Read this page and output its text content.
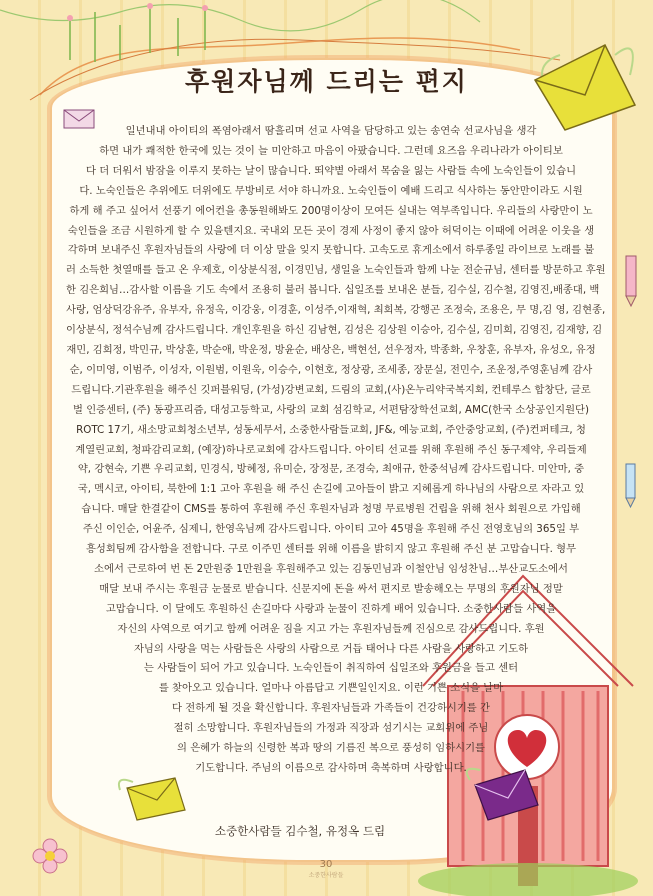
후원자님께 드리는 편지
일년내내 아이티의 폭염아래서 땀흘리며 선교 사역을 담당하고 있는 송연숙 선교사님을 생각
하면 내가 쾌적한 한국에 있는 것이 늘 미안하고 마음이 아팠습니다. 그런데 요즈음 우리나라가 아이티보
다 더 더워서 밤잠을 이루지 못하는 날이 많습니다. 뙤약볕 아래서 목숨을 잃는 사람들 속에 노숙인들이 있습니
다. 노숙인들은 추위에도 더위에도 무방비로 서야 하니까요. 노숙인들이 예배 드리고 식사하는 동안만이라도 시원
하게 해 주고 싶어서 선풍기 에어컨을 총동원해봐도 200명이상이 모여든 실내는 역부족입니다. 우리들의 사랑만이 노
숙인들을 조금 시원하게 할 수 있을텐지요. 국내외 모든 곳이 경제 사정이 좋지 않아 허덕이는 이때에 어려운 이웃을 생
각하며 보내주신 후원자님들의 사랑에 더 이상 말을 잊지 못합니다. 고속도로 휴게소에서 하루종일 라이브로 노래를 불
러 소득한 첫열매를 들고 온 우제호, 이상분식점, 이경민님, 생일을 노숙인들과 함께 나눈 전순규님, 센터를 방문하고 후원
한 김은희님…감사할 이름을 기도 속에서 조용히 불러 봅니다. 십일조를 보내온 분들, 김수실, 김수철, 김영진,배종대, 백
사랑, 엄상덕강유주, 유부자, 유정옥, 이강웅, 이경훈, 이성주,이재혁, 최희복, 강행곤 조정숙, 조용은, 무 명,김 영, 김현종,
이상분식, 정석수님께 감사드립니다. 개인후원을 하신 김남현, 김성은 김상원 이승아, 김수실, 김미희, 김영진, 김재향, 김
재민, 김희정, 박민규, 박상훈, 박순애, 박운정, 방윤순, 배상은, 백현선, 선우정자, 박종화, 우창훈, 유부자, 유성오, 유정
순, 이미영, 이범주, 이성자, 이원범, 이원욱, 이승수, 이현호, 정상광, 조세종, 장문실, 전민수, 조운정,주영훈님께 감사
드립니다.기관후원을 해주신 깃퍼블워딩, (가성)강변교회, 드림의 교회,(사)온누리약국복지회, 컨테루스 합창단, 글로
벌 인증센터, (주) 동광프리즘, 대성고등학교, 사랑의 교회 섬김학교, 서편탐장학선교회, AMC(한국 소상공인지원단)
ROTC 17기, 새소망교회청소년부, 성동세무서, 소중한사람들교회, JF&, 예능교회, 주안중앙교회, (주)컨퍼테크, 청
계열린교회, 청파감리교회, (예장)하나로교회에 감사드립니다. 아이티 선교를 위해 후원해 주신 동구제약, 우리들제
약, 강현숙, 기쁜 우리교회, 민경식, 방혜정, 유미순, 장정문, 조경숙, 최애규, 한중석님께 감사드립니다. 미안마, 중
국, 멕시코, 아이티, 북한에 1:1 고아 후원을 해 주신 손길에 고아들이 밝고 지혜롭게 하나님의 사람으로 자라고 있
습니다. 매달 한결같이 CMS를 통하여 후원해 주신 후원자님과 청명 무료병원 건립을 위해 천사 회원으로 가입해
주신 이인순, 어윤주, 심제니, 한영옥님께 감사드립니다. 아이티 고아 45명을 후원해 주신 전영호님의 365일 부
흥성회팀께 감사함을 전합니다. 구로 이주민 센터를 위해 이름을 밝히지 않고 후원해 주신 분 고맙습니다. 형무
소에서 근로하여 번 돈 2만원중 1만원을 후원해주고 있는 김동민님과 이철안님 임성찬님…부산교도소에서
매달 보내 주시는 후원금 눈물로 받습니다. 신문지에 돈을 싸서 편지로 발송해오는 무명의 후원자님 정말
고맙습니다. 이 달에도 후원하신 손길마다 사랑과 눈물이 진하게 배어 있습니다. 소중한사람들 사역을
자신의 사역으로 여기고 함께 어려운 짐을 지고 가는 후원자님들께 진심으로 감사드립니다. 후원
자님의 사랑을 먹는 사람들은 사랑의 사람으로 거듭 태어나 다른 사람을 사랑하고 기도하
는 사람들이 되어 가고 있습니다. 노숙인들이 취직하여 십일조와 후원금을 들고 센터
를 찾아오고 있습니다. 얼마나 아름답고 기쁜일인지요. 이런 기쁜 소식을 날마
다 전하게 될 것을 확신합니다. 후원자님들과 가족들이 건강하시기를 간
절히 소망합니다. 후원자님들의 가정과 직장과 섬기시는 교회위에 주님
의 은혜가 하늘의 신령한 복과 땅의 기름진 복으로 풍성히 임하시기를
기도합니다. 주님의 이름으로 감사하며 축복하며 사랑합니다.
소중한사람들 김수철, 유정옥 드림
30
소중한사람들
